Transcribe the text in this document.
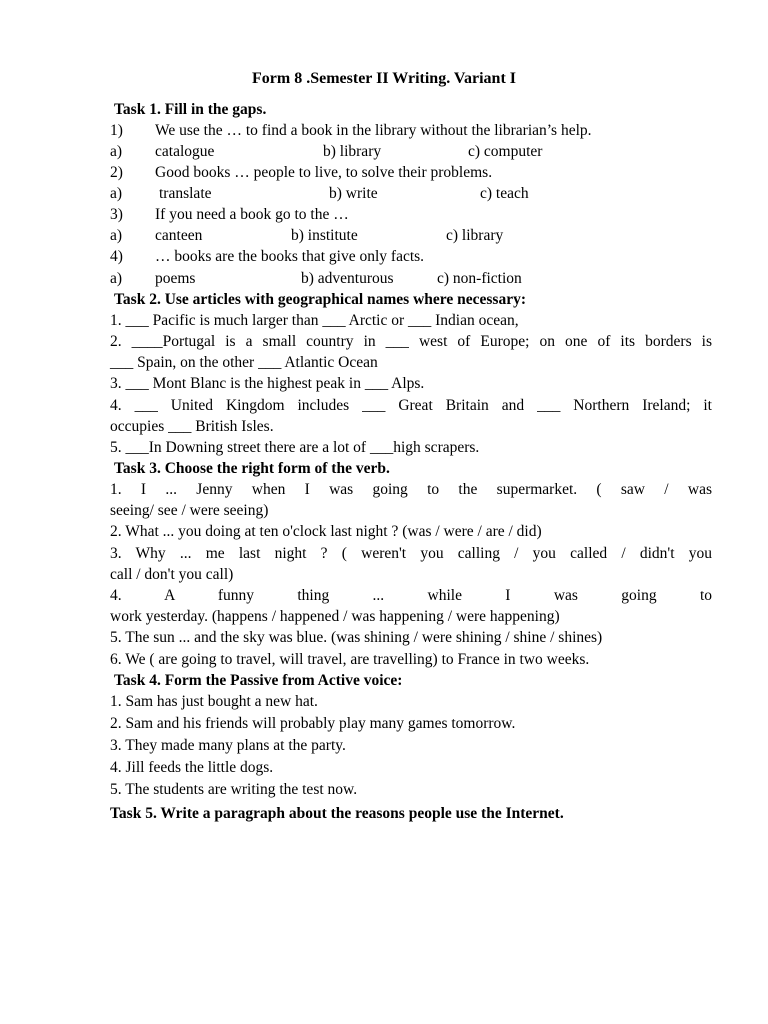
Form 8 .Semester II Writing. Variant I
Task 1. Fill in the gaps.
1) We use the … to find a book in the library without the librarian’s help.
a) catalogue	b) library	c) computer
2) Good books … people to live, to solve their problems.
a) translate	b) write	c) teach
3) If you need a book go to the …
a) canteen	b) institute	c) library
4) … books are the books that give only facts.
a) poems	b) adventurous	c) non-fiction
Task 2. Use articles with geographical names where necessary:
1. ___ Pacific is much larger than ___ Arctic or ___ Indian ocean,
2. ____Portugal is a small country in ___ west of Europe; on one of its borders is
___ Spain, on the other ___ Atlantic Ocean
3. ___ Mont Blanc is the highest peak in ___ Alps.
4. ___ United Kingdom includes ___ Great Britain and ___ Northern Ireland; it
occupies ___ British Isles.
5. ___In Downing street there are a lot of ___high scrapers.
Task 3. Choose the right form of the verb.
1. I ... Jenny when I was going to the supermarket. ( saw / was
seeing/ see / were seeing)
2. What ... you doing at ten o'clock last night ? (was / were / are / did)
3. Why ... me last night ? ( weren't you calling / you called / didn't you
call / don't you call)
4. A funny thing ... while I was going to
work yesterday. (happens / happened / was happening / were happening)
5. The sun ... and the sky was blue. (was shining / were shining / shine / shines)
6. We ( are going to travel, will travel, are travelling) to France in two weeks.
Task 4. Form the Passive from Active voice:
1. Sam has just bought a new hat.
2. Sam and his friends will probably play many games tomorrow.
3. They made many plans at the party.
4. Jill feeds the little dogs.
5. The students are writing the test now.
Task 5. Write a paragraph about the reasons people use the Internet.
